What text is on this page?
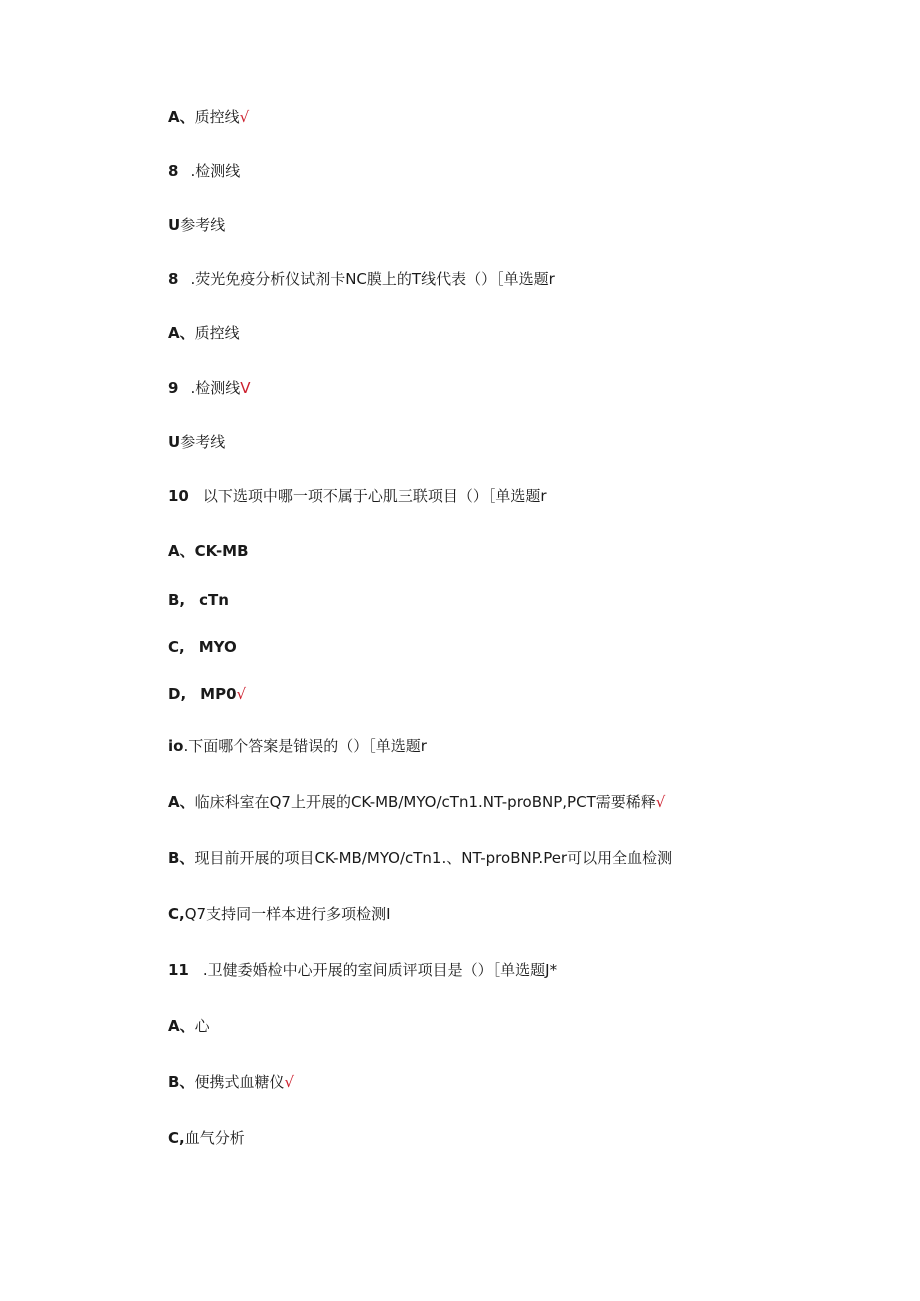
A、质控线√
8 .检测线
U参考线
8 .荧光免疫分析仪试剂卡NC膜上的T线代表（）［单选题r
A、质控线
9 .检测线V
U参考线
10 以下选项中哪一项不属于心肌三联项目（）［单选题r
A、CK-MB
B, cTn
C, MYO
D, MP0√
io.下面哪个答案是错误的（）［单选题r
A、临床科室在Q7上开展的CK-MB/MYO/cTn1.NT-proBNP,PCT需要稀释√
B、现目前开展的项目CK-MB/MYO/cTn1.、NT-proBNP.Per可以用全血检测
C,Q7支持同一样本进行多项检测I
11 .卫健委婚检中心开展的室间质评项目是（）［单选题J*
A、心
B、便携式血糖仪√
C,血气分析
